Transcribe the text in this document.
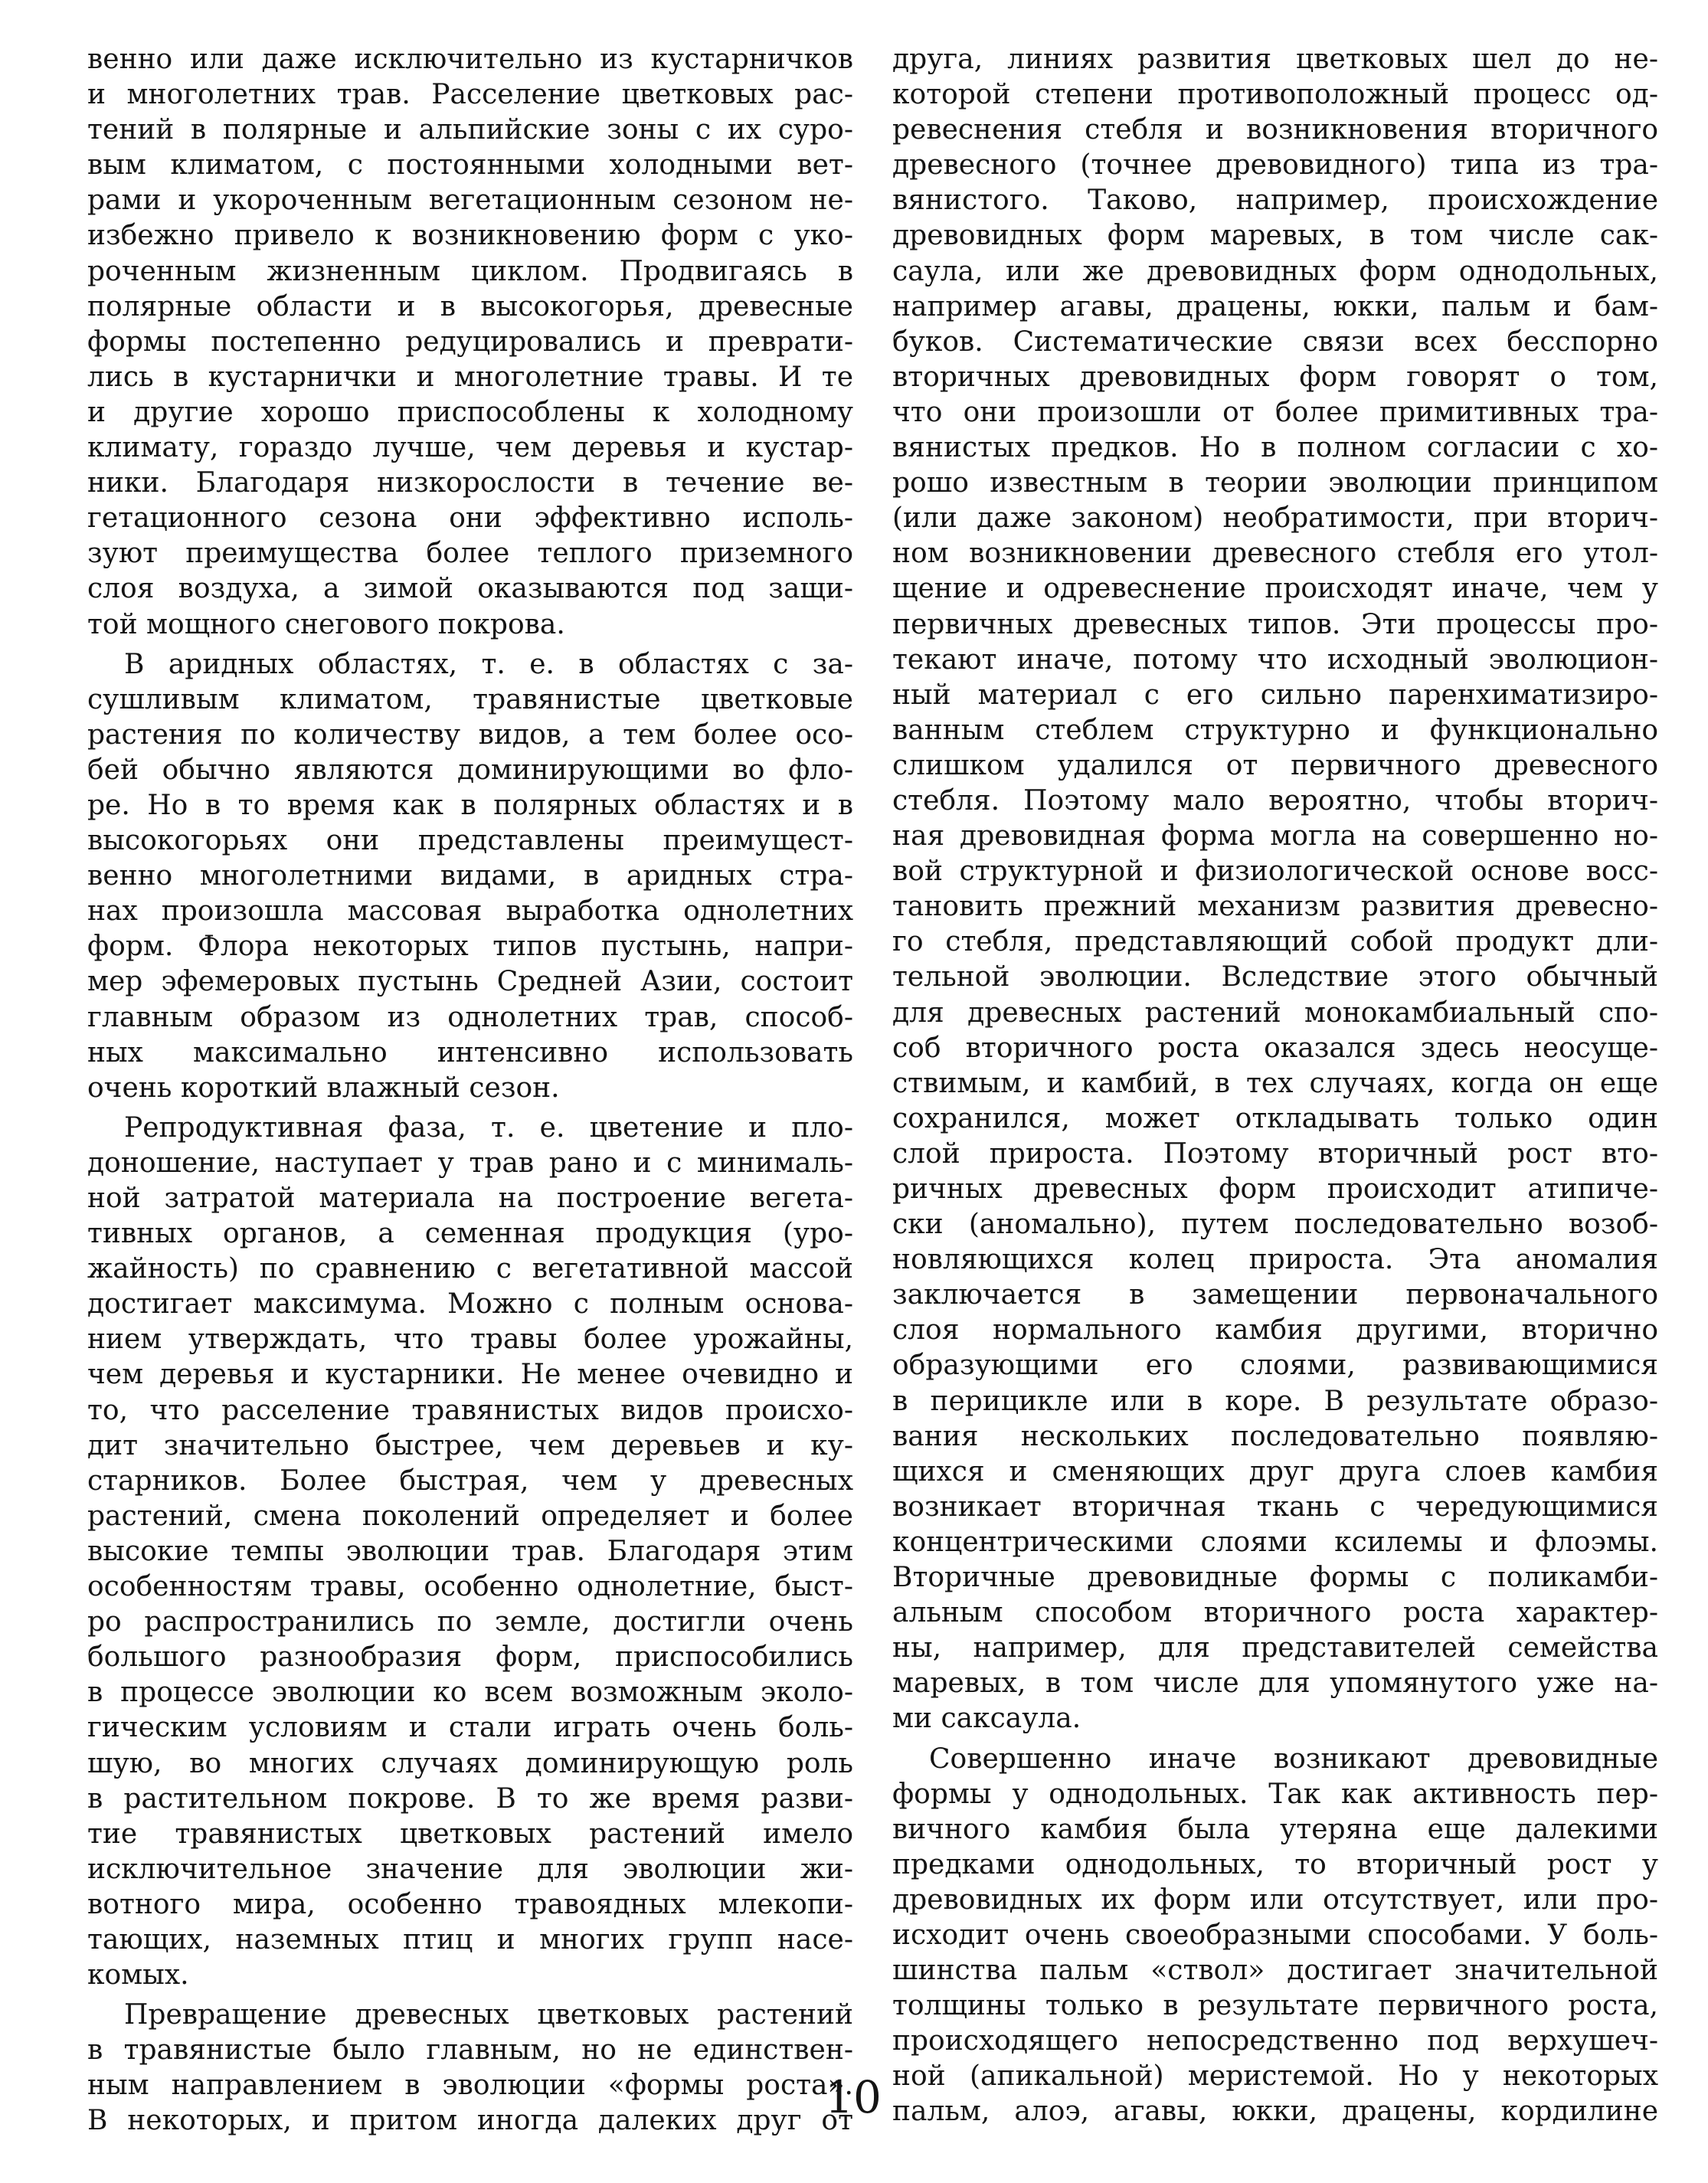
венно или даже исключительно из кустарничков
и многолетних трав. Расселение цветковых рас-
тений в полярные и альпийские зоны с их суро-
вым климатом, с постоянными холодными вет-
рами и укороченным вегетационным сезоном не-
избежно привело к возникновению форм с уко-
роченным жизненным циклом. Продвигаясь в
полярные области и в высокогорья, древесные
формы постепенно редуцировались и преврати-
лись в кустарнички и многолетние травы. И те
и другие хорошо приспособлены к холодному
климату, гораздо лучше, чем деревья и кустар-
ники. Благодаря низкорослости в течение ве-
гетационного сезона они эффективно исполь-
зуют преимущества более теплого приземного
слоя воздуха, а зимой оказываются под защи-
той мощного снегового покрова.
В аридных областях, т. е. в областях с за-
сушливым климатом, травянистые цветковые
растения по количеству видов, а тем более осо-
бей обычно являются доминирующими во фло-
ре. Но в то время как в полярных областях и в
высокогорьях они представлены преимущест-
венно многолетними видами, в аридных стра-
нах произошла массовая выработка однолетних
форм. Флора некоторых типов пустынь, напри-
мер эфемеровых пустынь Средней Азии, состоит
главным образом из однолетних трав, способ-
ных максимально интенсивно использовать
очень короткий влажный сезон.
Репродуктивная фаза, т. е. цветение и пло-
доношение, наступает у трав рано и с минималь-
ной затратой материала на построение вегета-
тивных органов, а семенная продукция (уро-
жайность) по сравнению с вегетативной массой
достигает максимума. Можно с полным основа-
нием утверждать, что травы более урожайны,
чем деревья и кустарники. Не менее очевидно и
то, что расселение травянистых видов происхо-
дит значительно быстрее, чем деревьев и ку-
старников. Более быстрая, чем у древесных
растений, смена поколений определяет и более
высокие темпы эволюции трав. Благодаря этим
особенностям травы, особенно однолетние, быст-
ро распространились по земле, достигли очень
большого разнообразия форм, приспособились
в процессе эволюции ко всем возможным эколо-
гическим условиям и стали играть очень боль-
шую, во многих случаях доминирующую роль
в растительном покрове. В то же время разви-
тие травянистых цветковых растений имело
исключительное значение для эволюции жи-
вотного мира, особенно травоядных млекопи-
тающих, наземных птиц и многих групп насе-
комых.
Превращение древесных цветковых растений
в травянистые было главным, но не единствен-
ным направлением в эволюции «формы роста».
В некоторых, и притом иногда далеких друг от
друга, линиях развития цветковых шел до не-
которой степени противоположный процесс од-
ревеснения стебля и возникновения вторичного
древесного (точнее древовидного) типа из тра-
вянистого. Таково, например, происхождение
древовидных форм маревых, в том числе сак-
саула, или же древовидных форм однодольных,
например агавы, драцены, юкки, пальм и бам-
буков. Систематические связи всех бесспорно
вторичных древовидных форм говорят о том,
что они произошли от более примитивных тра-
вянистых предков. Но в полном согласии с хо-
рошо известным в теории эволюции принципом
(или даже законом) необратимости, при вторич-
ном возникновении древесного стебля его утол-
щение и одревеснение происходят иначе, чем у
первичных древесных типов. Эти процессы про-
текают иначе, потому что исходный эволюцион-
ный материал с его сильно паренхиматизиро-
ванным стеблем структурно и функционально
слишком удалился от первичного древесного
стебля. Поэтому мало вероятно, чтобы вторич-
ная древовидная форма могла на совершенно но-
вой структурной и физиологической основе восс-
тановить прежний механизм развития древесно-
го стебля, представляющий собой продукт дли-
тельной эволюции. Вследствие этого обычный
для древесных растений монокамбиальный спо-
соб вторичного роста оказался здесь неосуще-
ствимым, и камбий, в тех случаях, когда он еще
сохранился, может откладывать только один
слой прироста. Поэтому вторичный рост вто-
ричных древесных форм происходит атипиче-
ски (аномально), путем последовательно возоб-
новляющихся колец прироста. Эта аномалия
заключается в замещении первоначального
слоя нормального камбия другими, вторично
образующими его слоями, развивающимися
в перицикле или в коре. В результате образо-
вания нескольких последовательно появляю-
щихся и сменяющих друг друга слоев камбия
возникает вторичная ткань с чередующимися
концентрическими слоями ксилемы и флоэмы.
Вторичные древовидные формы с поликамби-
альным способом вторичного роста характер-
ны, например, для представителей семейства
маревых, в том числе для упомянутого уже на-
ми саксаула.
Совершенно иначе возникают древовидные
формы у однодольных. Так как активность пер-
вичного камбия была утеряна еще далекими
предками однодольных, то вторичный рост у
древовидных их форм или отсутствует, или про-
исходит очень своеобразными способами. У боль-
шинства пальм «ствол» достигает значительной
толщины только в результате первичного роста,
происходящего непосредственно под верхушеч-
ной (апикальной) меристемой. Но у некоторых
пальм, алоэ, агавы, юкки, драцены, кордилине
10
